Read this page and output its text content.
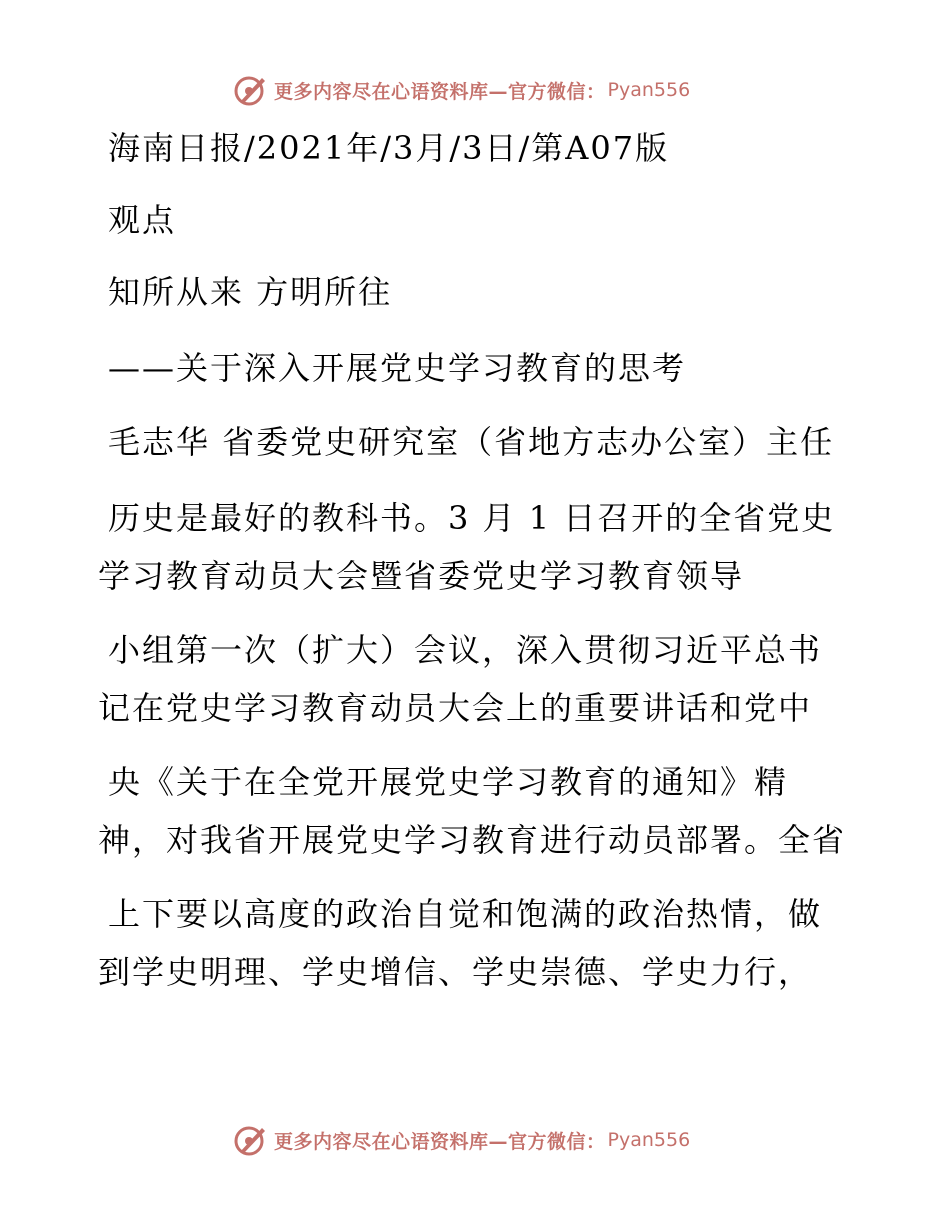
更多内容尽在心语资料库—官方微信： Pyan556
海南日报/2021年/3月/3日/第A07版
观点
知所从来 方明所往
——关于深入开展党史学习教育的思考
毛志华 省委党史研究室（省地方志办公室）主任
历史是最好的教科书。3 月 1 日召开的全省党史
学习教育动员大会暨省委党史学习教育领导
小组第一次（扩大）会议，深入贯彻习近平总书
记在党史学习教育动员大会上的重要讲话和党中
央《关于在全党开展党史学习教育的通知》精
神，对我省开展党史学习教育进行动员部署。全省
上下要以高度的政治自觉和饱满的政治热情，做
到学史明理、学史增信、学史崇德、学史力行，
更多内容尽在心语资料库—官方微信： Pyan556
